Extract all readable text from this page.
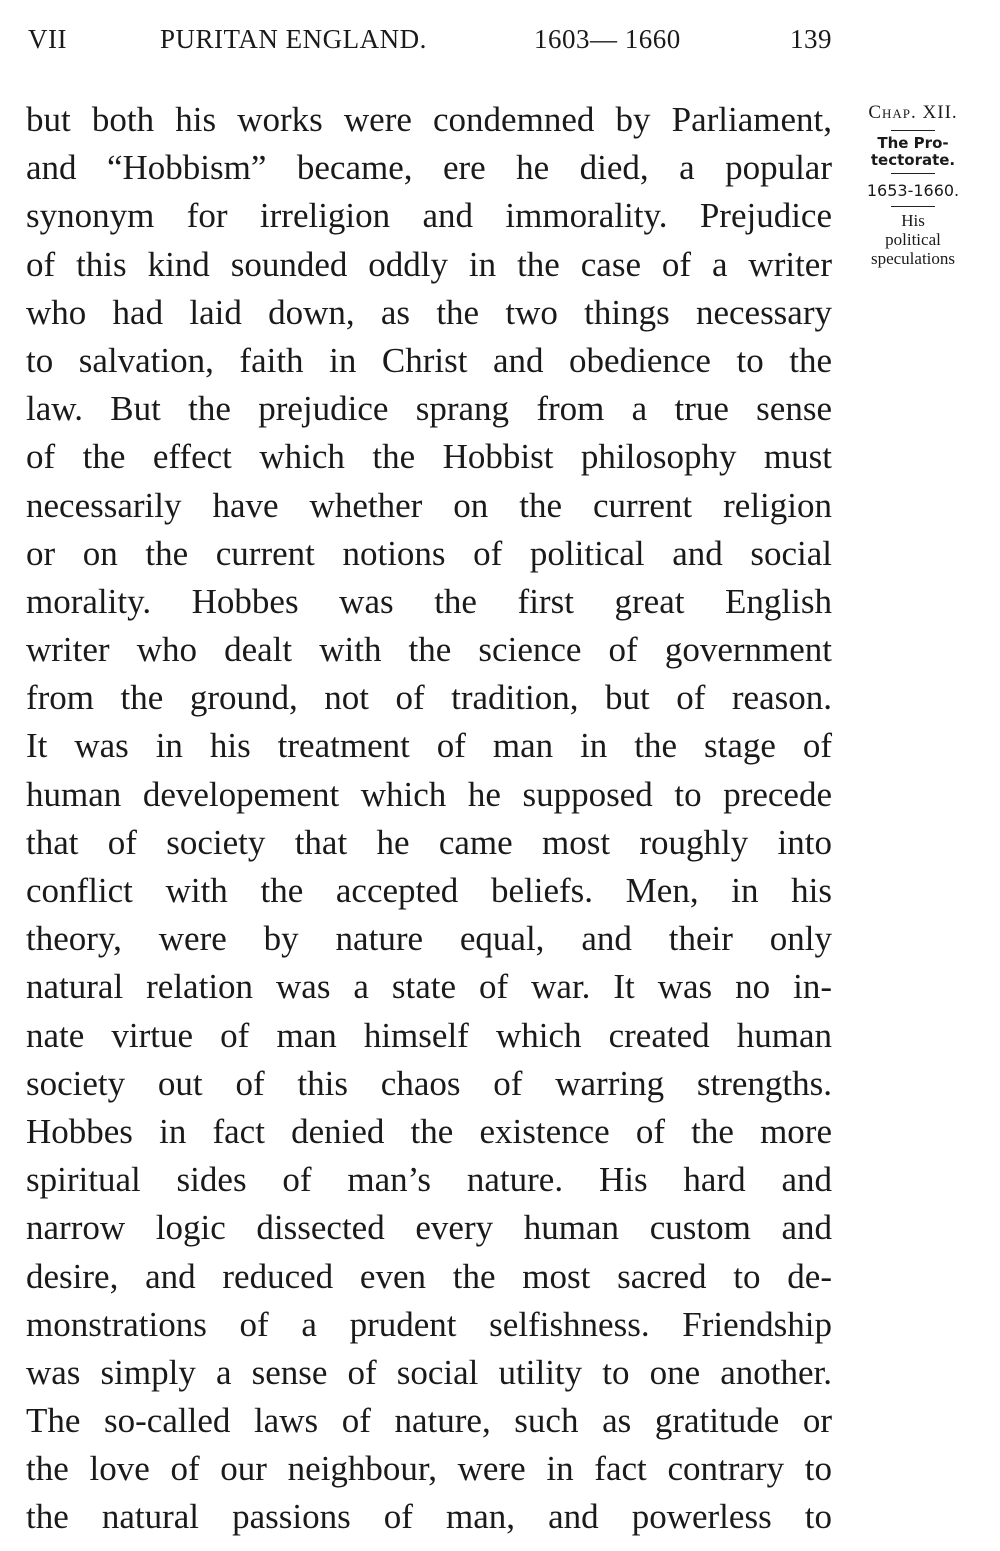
VII	PURITAN ENGLAND.	1603— 1660	139
but both his works were condemned by Parliament,
and “Hobbism” became, ere he died, a popular
synonym for irreligion and immorality. Prejudice
of this kind sounded oddly in the case of a writer
who had laid down, as the two things necessary
to salvation, faith in Christ and obedience to the
law. But the prejudice sprang from a true sense
of the effect which the Hobbist philosophy must
necessarily have whether on the current religion
or on the current notions of political and social
morality. Hobbes was the first great English
writer who dealt with the science of government
from the ground, not of tradition, but of reason.
It was in his treatment of man in the stage of
human developement which he supposed to precede
that of society that he came most roughly into
conflict with the accepted beliefs. Men, in his
theory, were by nature equal, and their only
natural relation was a state of war. It was no in-
nate virtue of man himself which created human
society out of this chaos of warring strengths.
Hobbes in fact denied the existence of the more
spiritual sides of man’s nature. His hard and
narrow logic dissected every human custom and
desire, and reduced even the most sacred to de-
monstrations of a prudent selfishness. Friendship
was simply a sense of social utility to one another.
The so-called laws of nature, such as gratitude or
the love of our neighbour, were in fact contrary to
the natural passions of man, and powerless to
Chap. XII.
The Pro-
tectorate.
1653-1660.
His
political
speculations
